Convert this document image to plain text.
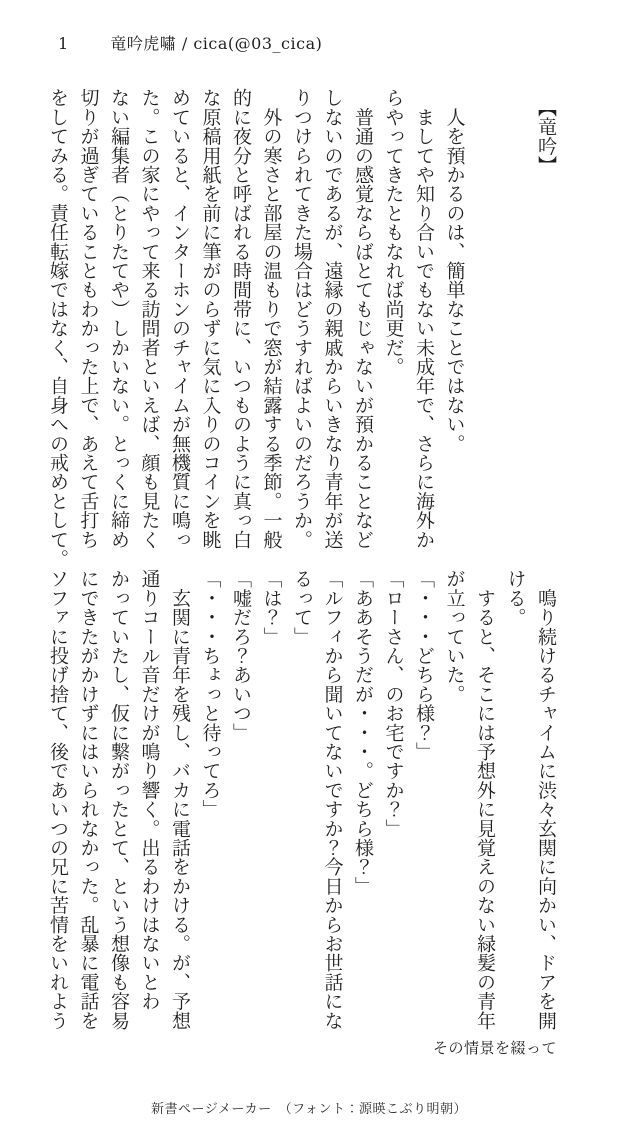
1	竜吟虎嘯 / cica(@03_cica)

　【竜吟】

　人を預かるのは、簡単なことではない。

　ましてや知り合いでもない未成年で、さらに海外か

らやってきたともなれば尚更だ。

　普通の感覚ならばとてもじゃないが預かることなど

しないのであるが、遠縁の親戚からいきなり青年が送

りつけられてきた場合はどうすればよいのだろうか。

　外の寒さと部屋の温もりで窓が結露する季節。一般

的に夜分と呼ばれる時間帯に、いつものように真っ白

な原稿用紙を前に筆がのらずに気に入りのコインを眺

めていると、インターホンのチャイムが無機質に鳴っ

た。この家にやって来る訪問者といえば、顔も見たく

ない編集者（とりたてや）しかいない。とっくに締め

切りが過ぎていることもわかった上で、あえて舌打ち

をしてみる。責任転嫁ではなく、自身への戒めとして。

　鳴り続けるチャイムに渋々玄関に向かい、ドアを開

ける。

　すると、そこには予想外に見覚えのない緑髪の青年

が立っていた。

「・・・どちら様？」

「ローさん、のお宅ですか？」

「ああそうだが・・・。どちら様？」

「ルフィから聞いてないですか？今日からお世話にな

るって」

「は？」

「嘘だろ？あいつ」

「・・・ちょっと待ってろ」

　玄関に青年を残し、バカに電話をかける。が、予想

通りコール音だけが鳴り響く。出るわけはないとわ

かっていたし、仮に繋がったとて、という想像も容易

にできたがかけずにはいられなかった。乱暴に電話を

ソファに投げ捨て、後であいつの兄に苦情をいれよう

その情景を綴って
新書ページメーカー　（フォント：源暎こぶり明朝）
